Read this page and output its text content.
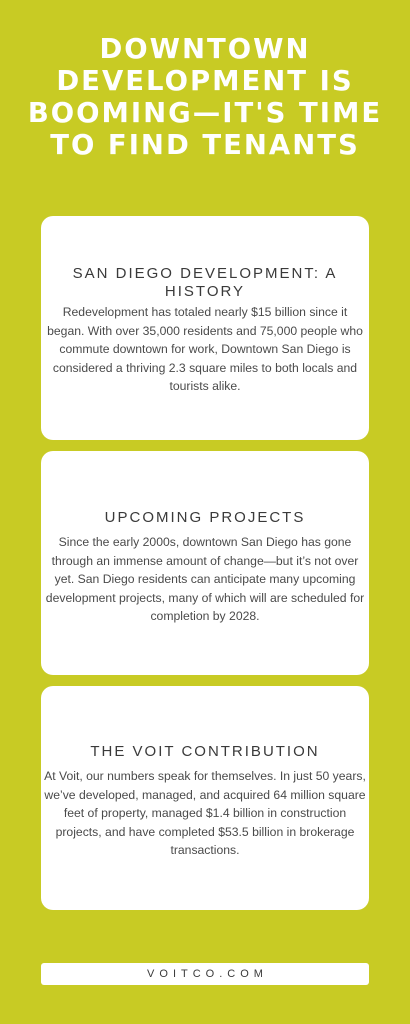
DOWNTOWN DEVELOPMENT IS BOOMING—IT'S TIME TO FIND TENANTS
SAN DIEGO DEVELOPMENT: A HISTORY

Redevelopment has totaled nearly $15 billion since it began. With over 35,000 residents and 75,000 people who commute downtown for work, Downtown San Diego is considered a thriving 2.3 square miles to both locals and tourists alike.

UPCOMING PROJECTS

Since the early 2000s, downtown San Diego has gone through an immense amount of change—but it’s not over yet. San Diego residents can anticipate many upcoming development projects, many of which will are scheduled for completion by 2028.

THE VOIT CONTRIBUTION

At Voit, our numbers speak for themselves. In just 50 years, we’ve developed, managed, and acquired 64 million square feet of property, managed $1.4 billion in construction projects, and have completed $53.5 billion in brokerage transactions.

VOITCO.COM
